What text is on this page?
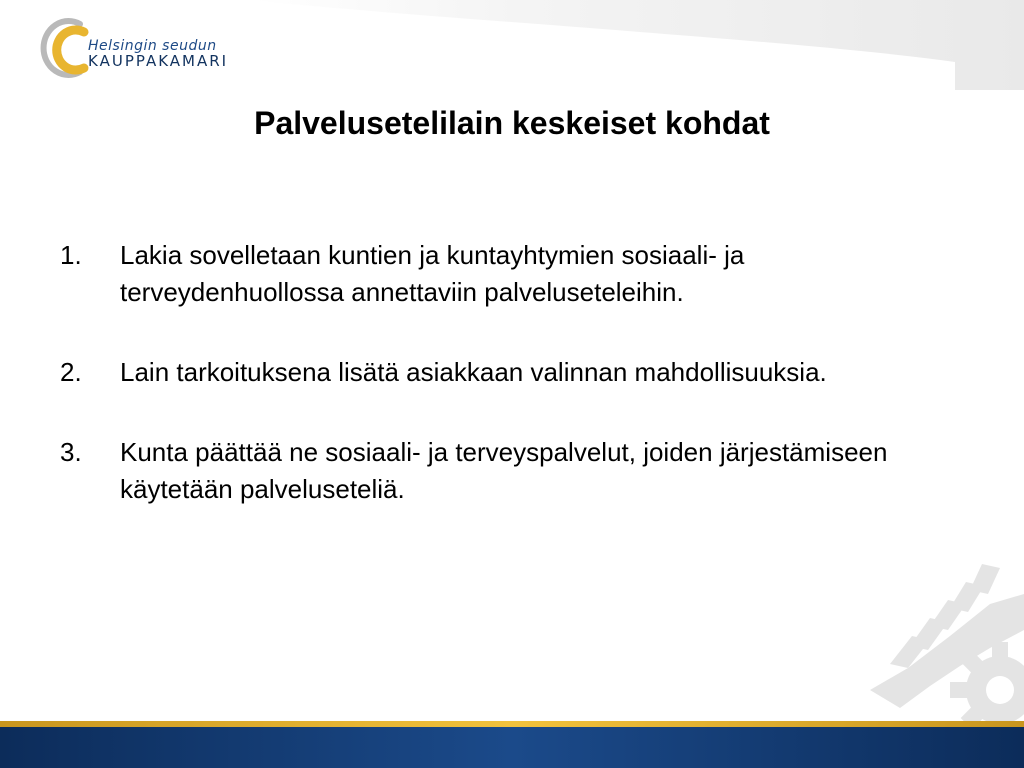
Helsingin seudun
KAUPPAKAMARI
Palvelusetelilain keskeiset kohdat
1. Lakia sovelletaan kuntien ja kuntayhtymien sosiaali- ja terveydenhuollossa annettaviin palveluseteleihin.
2. Lain tarkoituksena lisätä asiakkaan valinnan mahdollisuuksia.
3. Kunta päättää ne sosiaali- ja terveyspalvelut, joiden järjestämiseen käytetään palveluseteliä.
